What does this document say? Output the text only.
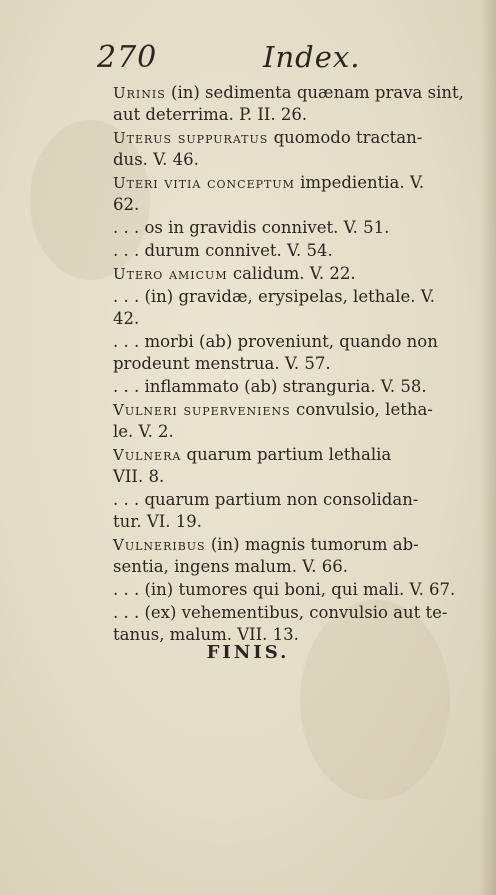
270	Index.
Urinis (in) sedimenta quænam prava sint,
aut deterrima. P. II. 26.
Uterus suppuratus quomodo tractan-
dus. V. 46.
Uteri vitia conceptum impedientia. V.
62.
. . . os in gravidis connivet. V. 51.
. . . durum connivet. V. 54.
Utero amicum calidum. V. 22.
. . . (in) gravidæ, erysipelas, lethale. V. 42.
. . . morbi (ab) proveniunt, quando non
prodeunt menstrua. V. 57.
. . . inflammato (ab) stranguria. V. 58.
Vulneri superveniens convulsio, letha-
le. V. 2.
Vulnera quarum partium lethalia
VII. 8.
. . . quarum partium non consolidan-
tur. VI. 19.
Vulneribus (in) magnis tumorum ab-
sentia, ingens malum. V. 66.
. . . (in) tumores qui boni, qui mali. V. 67.
. . . (ex) vehementibus, convulsio aut te-
tanus, malum. VII. 13.
FINIS.
